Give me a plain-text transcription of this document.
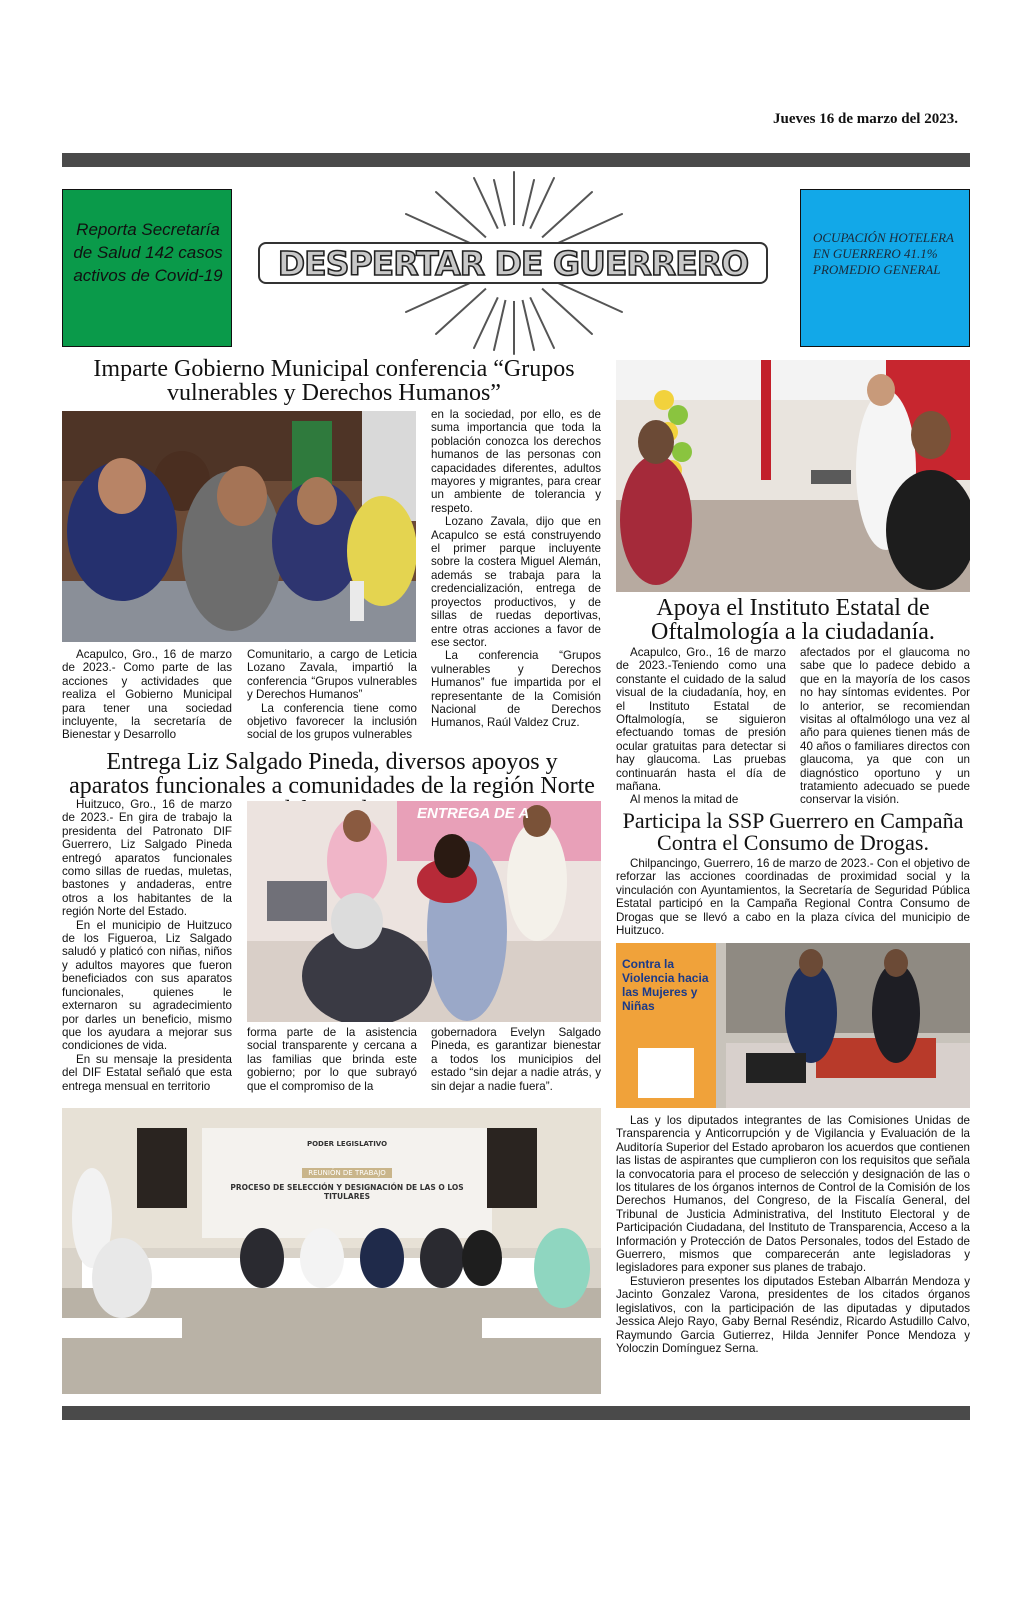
Jueves 16 de marzo del 2023.
Reporta Secretaría de Salud 142 casos activos de Covid-19
OCUPACIÓN HOTELERA EN GUERRERO 41.1% PROMEDIO GENERAL
DESPERTAR DE GUERRERO
Imparte Gobierno Municipal conferencia “Grupos vulnerables y Derechos Humanos”

Acapulco, Gro., 16 de marzo de 2023.- Como parte de las acciones y actividades que realiza el Gobierno Municipal para tener una sociedad incluyente, la secretaría de Bienestar y Desarrollo

Comunitario, a cargo de Leticia Lozano Zavala, impartió la conferencia “Grupos vulnerables y Derechos Humanos”

La conferencia tiene como objetivo favorecer la inclusión social de los grupos vulnerables

en la sociedad, por ello, es de suma importancia que toda la población conozca los derechos humanos de las personas con capacidades diferentes, adultos mayores y migrantes, para crear un ambiente de tolerancia y respeto.

Lozano Zavala, dijo que en Acapulco se está construyendo el primer parque incluyente sobre la costera Miguel Alemán, además se trabaja para la credencialización, entrega de proyectos productivos, y de sillas de ruedas deportivas, entre otras acciones a favor de ese sector.

La conferencia “Grupos vulnerables y Derechos Humanos” fue impartida por el representante de la Comisión Nacional de Derechos Humanos, Raúl Valdez Cruz.

Apoya el Instituto Estatal de Oftalmología a la ciudadanía.

Acapulco, Gro., 16 de marzo de 2023.-Teniendo como una constante el cuidado de la salud visual de la ciudadanía, hoy, en el Instituto Estatal de Oftalmología, se siguieron efectuando tomas de presión ocular gratuitas para detectar si hay glaucoma. Las pruebas continuarán hasta el día de mañana.

Al menos la mitad de

afectados por el glaucoma no sabe que lo padece debido a que en la mayoría de los casos no hay síntomas evidentes. Por lo anterior, se recomiendan visitas al oftalmólogo una vez al año para quienes tienen más de 40 años o familiares directos con glaucoma, ya que con un diagnóstico oportuno y un tratamiento adecuado se puede conservar la visión.

Entrega Liz Salgado Pineda, diversos apoyos y aparatos funcionales a comunidades de la región Norte

Huitzuco, Gro., 16 de marzo de 2023.- En gira de trabajo la presidenta del Patronato DIF Guerrero, Liz Salgado Pineda entregó aparatos funcionales como sillas de ruedas, muletas, bastones y andaderas, entre otros a los habitantes de la región Norte del Estado.

En el municipio de Huitzuco de los Figueroa, Liz Salgado saludó y platicó con niñas, niños y adultos mayores que fueron beneficiados con sus aparatos funcionales, quienes le externaron su agradecimiento por darles un beneficio, mismo que los ayudara a mejorar sus condiciones de vida.

En su mensaje la presidenta del DIF Estatal señaló que esta entrega mensual en territorio

ENTREGA DE A

forma parte de la asistencia social transparente y cercana a las familias que brinda este gobierno; por lo que subrayó que el compromiso de la

gobernadora Evelyn Salgado Pineda, es garantizar bienestar a todos los municipios del estado “sin dejar a nadie atrás, y sin dejar a nadie fuera”.

Participa la SSP Guerrero en Campaña Contra el Consumo de Drogas.

Chilpancingo, Guerrero, 16 de marzo de 2023.- Con el objetivo de reforzar las acciones coordinadas de proximidad social y la vinculación con Ayuntamientos, la Secretaría de Seguridad Pública Estatal participó en la Campaña Regional Contra Consumo de Drogas que se llevó a cabo en la plaza cívica del municipio de Huitzuco.

Contra la Violencia hacia las Mujeres y Niñas
PODER LEGISLATIVO
REUNIÓN DE TRABAJO
PROCESO DE SELECCIÓN Y DESIGNACIÓN DE LAS O LOS TITULARES

Las y los diputados integrantes de las Comisiones Unidas de Transparencia y Anticorrupción y de Vigilancia y Evaluación de la Auditoría Superior del Estado aprobaron los acuerdos que contienen las listas de aspirantes que cumplieron con los requisitos que señala la convocatoria para el proceso de selección y designación de las o los titulares de los órganos internos de Control de la Comisión de los Derechos Humanos, del Congreso, de la Fiscalía General, del Tribunal de Justicia Administrativa, del Instituto Electoral y de Participación Ciudadana, del Instituto de Transparencia, Acceso a la Información y Protección de Datos Personales, todos del Estado de Guerrero, mismos que comparecerán ante legisladoras y legisladores para exponer sus planes de trabajo.

Estuvieron presentes los diputados Esteban Albarrán Mendoza y Jacinto Gonzalez Varona, presidentes de los citados órganos legislativos, con la participación de las diputadas y diputados Jessica Alejo Rayo, Gaby Bernal Reséndiz, Ricardo Astudillo Calvo, Raymundo Garcia Gutierrez, Hilda Jennifer Ponce Mendoza y Yoloczin Domínguez Serna.
